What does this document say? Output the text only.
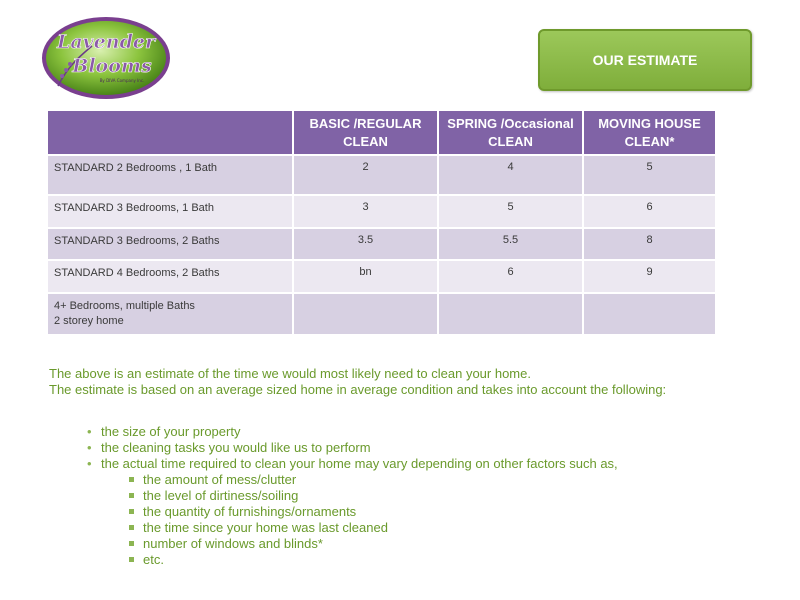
Lavender
Blooms
By DIVA Company Inc.
OUR ESTIMATE
	BASIC /REGULAR CLEAN	SPRING /Occasional CLEAN	MOVING HOUSE CLEAN*

STANDARD 2 Bedrooms , 1 Bath	2	4	5

STANDARD 3 Bedrooms, 1 Bath	3	5	6

STANDARD 3 Bedrooms, 2 Baths	3.5	5.5	8

STANDARD 4 Bedrooms, 2 Baths	bn	6	9

4+ Bedrooms, multiple Baths
2 storey home			

The above is an estimate of the time we would most likely need to clean your home.

The estimate is based on an average sized home in average condition and takes into account the following:

• the size of your property
• the cleaning tasks you would like us to perform
• the actual time required to clean your home may vary depending on other factors such as,
the amount of mess/clutter
the level of dirtiness/soiling
the quantity of furnishings/ornaments
the time since your home was last cleaned
number of windows and blinds*
etc.
